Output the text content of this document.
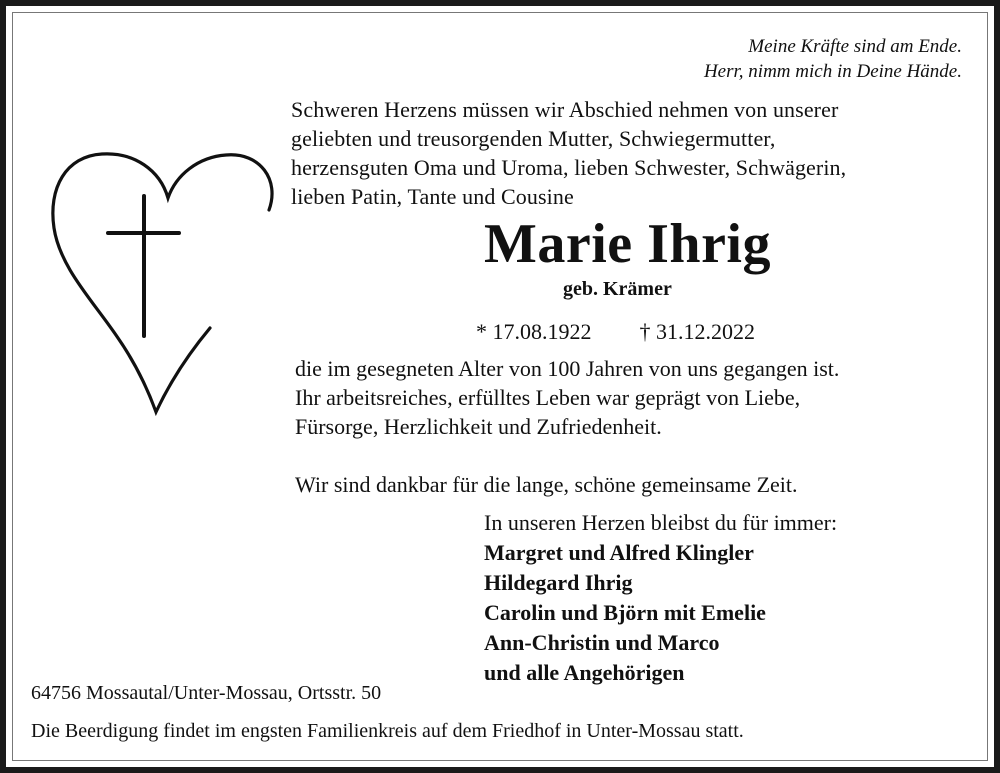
Meine Kräfte sind am Ende.
Herr, nimm mich in Deine Hände.
Schweren Herzens müssen wir Abschied nehmen von unserer
geliebten und treusorgenden Mutter, Schwiegermutter,
herzensguten Oma und Uroma, lieben Schwester, Schwägerin,
lieben Patin, Tante und Cousine
Marie Ihrig
geb. Krämer
* 17.08.1922 † 31.12.2022
die im gesegneten Alter von 100 Jahren von uns gegangen ist.
Ihr arbeitsreiches, erfülltes Leben war geprägt von Liebe,
Fürsorge, Herzlichkeit und Zufriedenheit.
Wir sind dankbar für die lange, schöne gemeinsame Zeit.
In unseren Herzen bleibst du für immer:
Margret und Alfred Klingler
Hildegard Ihrig
Carolin und Björn mit Emelie
Ann-Christin und Marco
und alle Angehörigen
64756 Mossautal/Unter-Mossau, Ortsstr. 50
Die Beerdigung findet im engsten Familienkreis auf dem Friedhof in Unter-Mossau statt.
